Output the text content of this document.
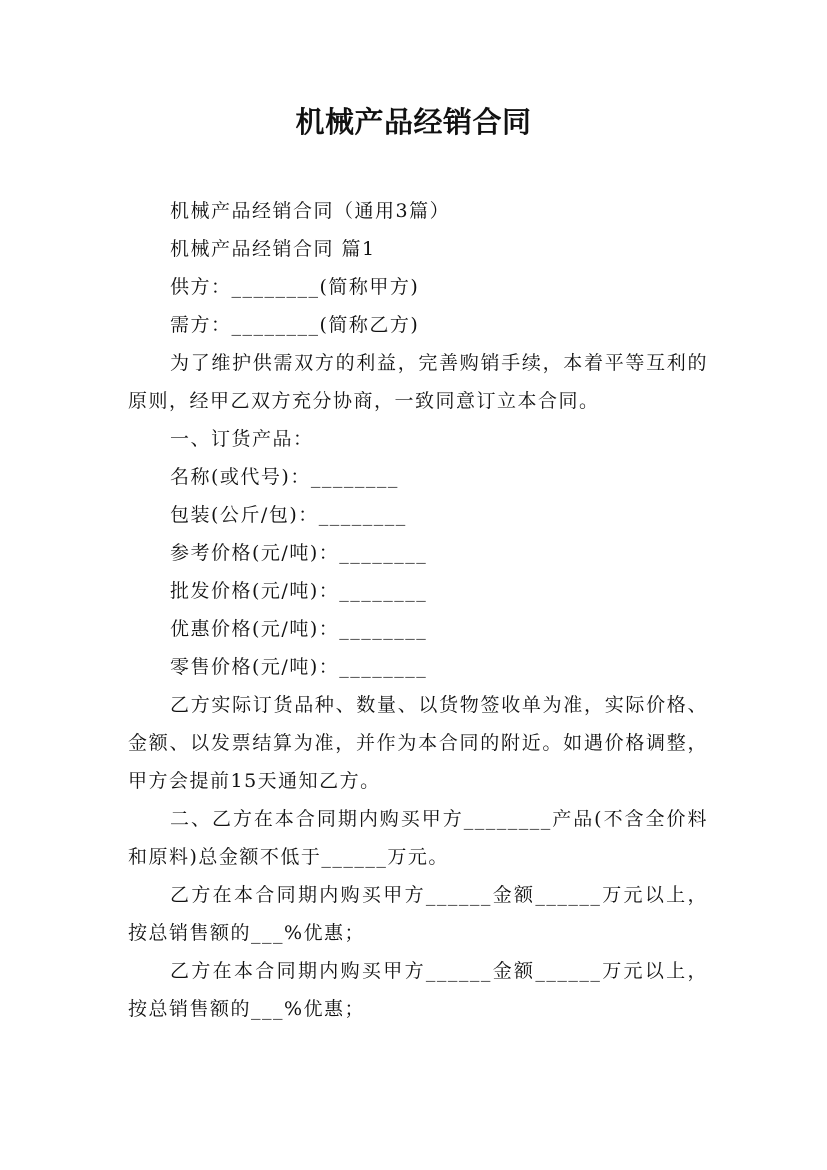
机械产品经销合同

机械产品经销合同（通用3篇）

机械产品经销合同 篇1

供方：________(简称甲方)

需方：________(简称乙方)

为了维护供需双方的利益，完善购销手续，本着平等互利的原则，经甲乙双方充分协商，一致同意订立本合同。

一、订货产品：

名称(或代号)：________

包装(公斤/包)：________

参考价格(元/吨)：________

批发价格(元/吨)：________

优惠价格(元/吨)：________

零售价格(元/吨)：________

乙方实际订货品种、数量、以货物签收单为准，实际价格、金额、以发票结算为准，并作为本合同的附近。如遇价格调整，甲方会提前15天通知乙方。

二、乙方在本合同期内购买甲方________产品(不含全价料和原料)总金额不低于______万元。

乙方在本合同期内购买甲方______金额______万元以上，按总销售额的___%优惠；

乙方在本合同期内购买甲方______金额______万元以上，按总销售额的___%优惠；
